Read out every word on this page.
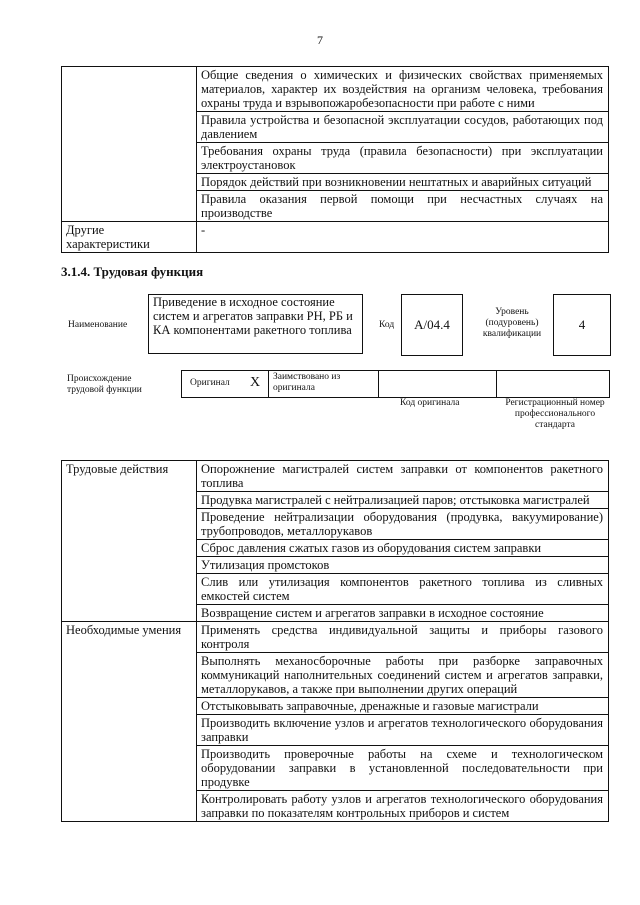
7
	Общие сведения о химических и физических свойствах применяемых материалов, характер их воздействия на организм человека, требования охраны труда и взрывопожаробезопасности при работе с ними
	Правила устройства и безопасной эксплуатации сосудов, работающих под давлением
	Требования охраны труда (правила безопасности) при эксплуатации электроустановок
	Порядок действий при возникновении нештатных и аварийных ситуаций
	Правила оказания первой помощи при несчастных случаях на производстве
Другие характеристики	-
3.1.4. Трудовая функция
Наименование
Приведение в исходное состояние систем и агрегатов заправки РН, РБ и КА компонентами ракетного топлива	Код	A/04.4
Уровень (подуровень) квалификации
4
Происхождение трудовой функции
Оригинал X Заимствовано из оригинала
Код оригинала	Регистрационный номер профессионального стандарта
Трудовые действия	Опорожнение магистралей систем заправки от компонентов ракетного топлива
	Продувка магистралей с нейтрализацией паров; отстыковка магистралей
	Проведение нейтрализации оборудования (продувка, вакуумирование) трубопроводов, металлорукавов
	Сброс давления сжатых газов из оборудования систем заправки
	Утилизация промстоков
	Слив или утилизация компонентов ракетного топлива из сливных емкостей систем
	Возвращение систем и агрегатов заправки в исходное состояние
Необходимые умения	Применять средства индивидуальной защиты и приборы газового контроля
	Выполнять механосборочные работы при разборке заправочных коммуникаций наполнительных соединений систем и агрегатов заправки, металлорукавов, а также при выполнении других операций
	Отстыковывать заправочные, дренажные и газовые магистрали
	Производить включение узлов и агрегатов технологического оборудования заправки
	Производить проверочные работы на схеме и технологическом оборудовании заправки в установленной последовательности при продувке
	Контролировать работу узлов и агрегатов технологического оборудования заправки по показателям контрольных приборов и систем
